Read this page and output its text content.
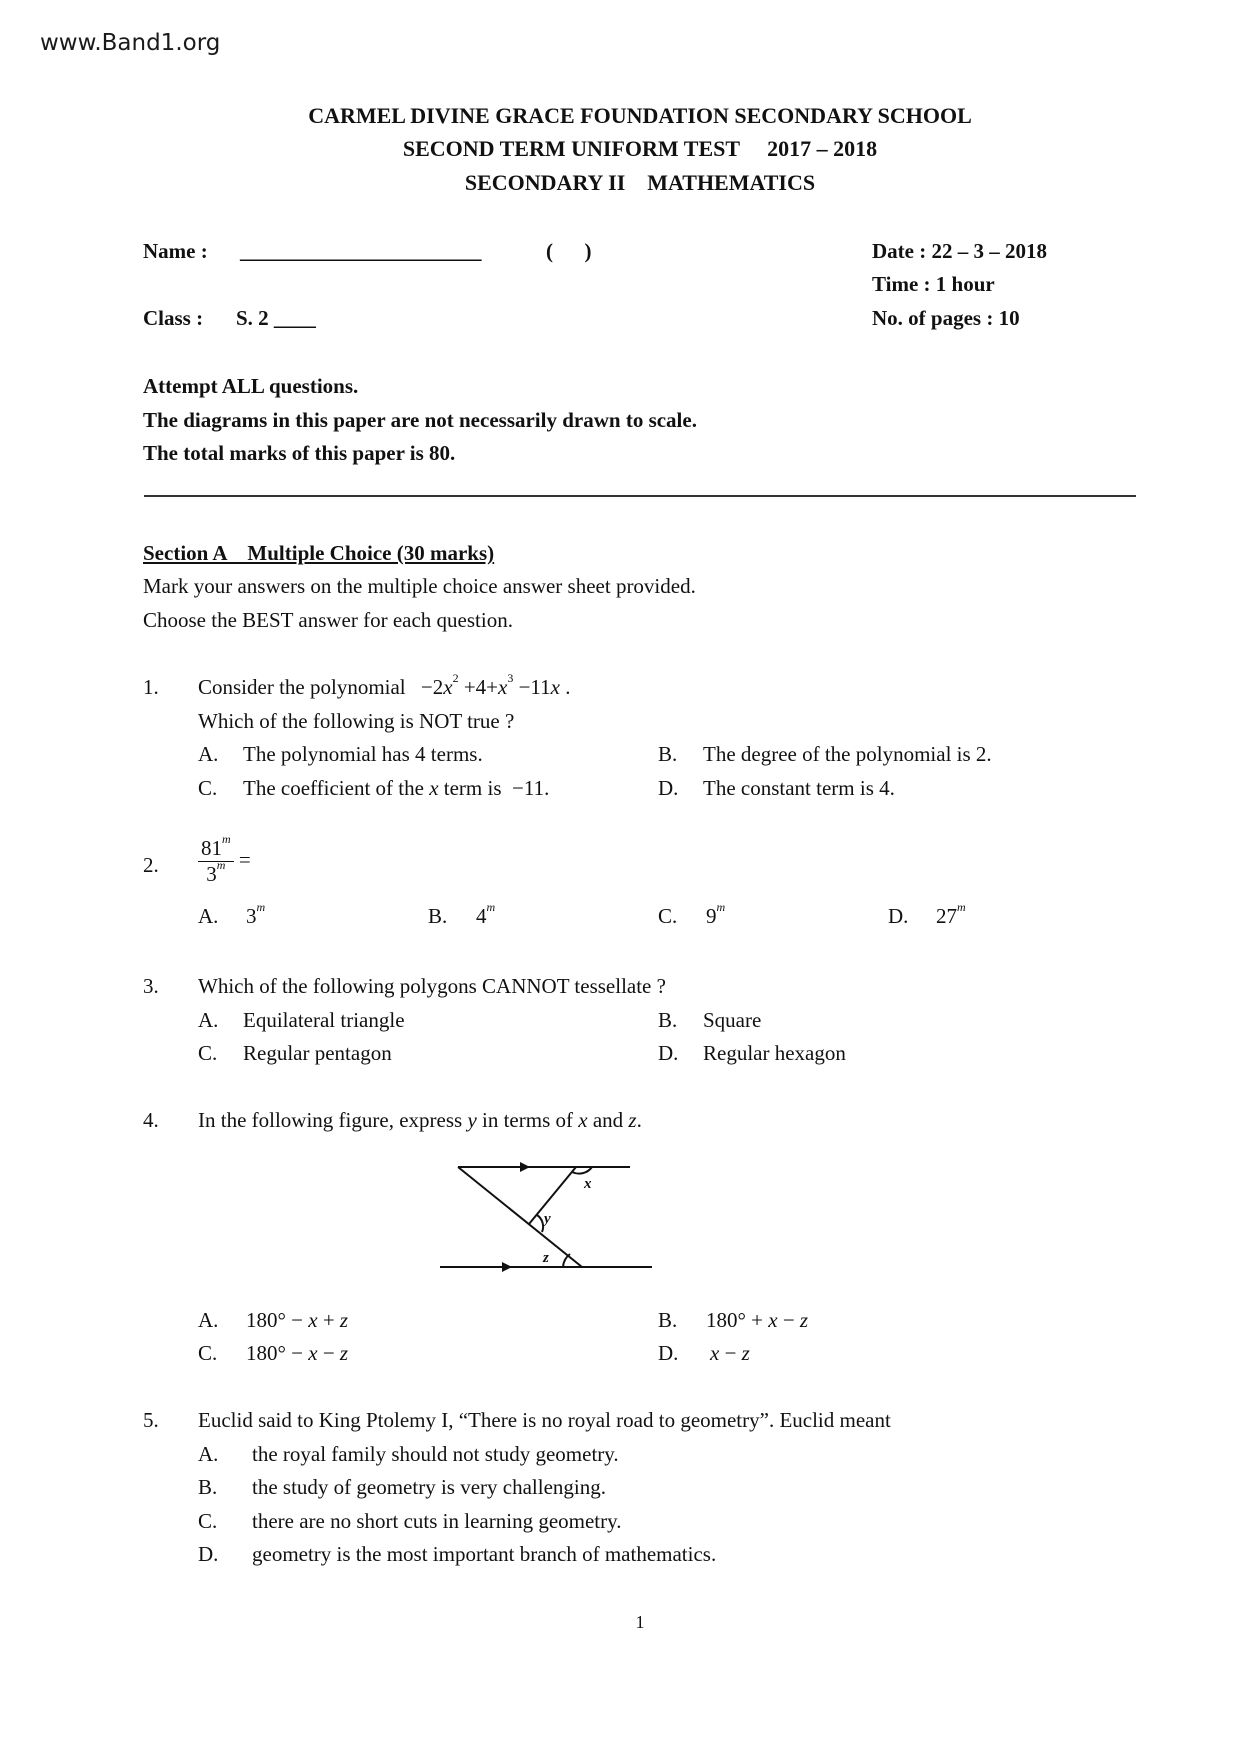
www.Band1.org
CARMEL DIVINE GRACE FOUNDATION SECONDARY SCHOOL
SECOND TERM UNIFORM TEST     2017 – 2018
SECONDARY II    MATHEMATICS
Name : _______________________	(      )
Class : S. 2 ____
Date : 22 – 3 – 2018
Time : 1 hour
No. of pages : 10
Attempt ALL questions.
The diagrams in this paper are not necessarily drawn to scale.
The total marks of this paper is 80.
Section A    Multiple Choice (30 marks)
Mark your answers on the multiple choice answer sheet provided.
Choose the BEST answer for each question.
1. Consider the polynomial $-2x^2 +4+x^3 -11x$ .
Which of the following is NOT true ?
A. The polynomial has 4 terms.	B. The degree of the polynomial is 2.
C. The coefficient of the x term is  −11.	D. The constant term is 4.
2. $\frac{81^m}{3^m}$ =
A. 3$^m$	B. 4$^m$	C. 9$^m$	D. 27$^m$
3. Which of the following polygons CANNOT tessellate ?
A. Equilateral triangle	B. Square
C. Regular pentagon	D. Regular hexagon
4. In the following figure, express y in terms of x and z.
x
y
z
A. 180° − x + z	B. 180° + x − z
C. 180° − x − z	D. x − z
5. Euclid said to King Ptolemy I, “There is no royal road to geometry”. Euclid meant
A. the royal family should not study geometry.
B. the study of geometry is very challenging.
C. there are no short cuts in learning geometry.
D. geometry is the most important branch of mathematics.
1
